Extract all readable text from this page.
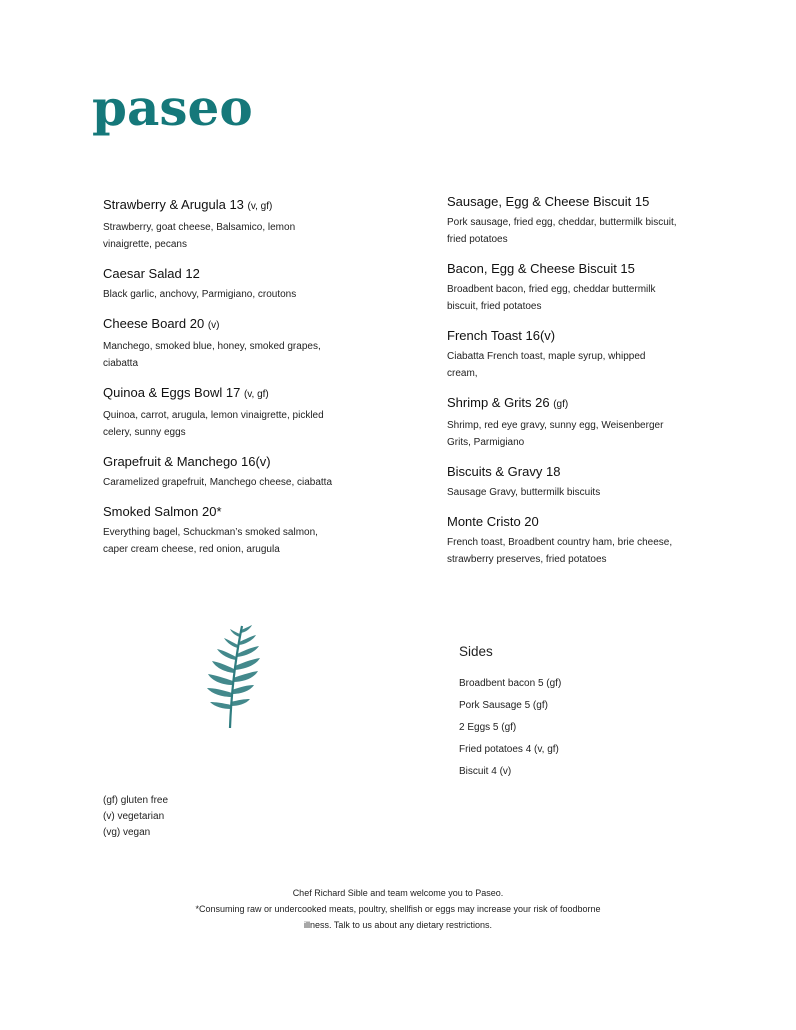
paseo
Strawberry & Arugula 13 (v, gf)
Strawberry, goat cheese, Balsamico, lemon
vinaigrette, pecans
Caesar Salad 12
Black garlic, anchovy, Parmigiano, croutons
Cheese Board 20 (v)
Manchego, smoked blue, honey, smoked grapes,
ciabatta
Quinoa & Eggs Bowl 17 (v, gf)
Quinoa, carrot, arugula, lemon vinaigrette, pickled
celery, sunny eggs
Grapefruit & Manchego 16(v)
Caramelized grapefruit, Manchego cheese, ciabatta
Smoked Salmon 20*
Everything bagel, Schuckman’s smoked salmon,
caper cream cheese, red onion, arugula
Sausage, Egg & Cheese Biscuit 15
Pork sausage, fried egg, cheddar, buttermilk biscuit,
fried potatoes
Bacon, Egg & Cheese Biscuit 15
Broadbent bacon, fried egg, cheddar buttermilk
biscuit, fried potatoes
French Toast 16(v)
Ciabatta French toast, maple syrup, whipped
cream,
Shrimp & Grits 26 (gf)
Shrimp, red eye gravy, sunny egg, Weisenberger
Grits, Parmigiano
Biscuits & Gravy 18
Sausage Gravy, buttermilk biscuits
Monte Cristo 20
French toast, Broadbent country ham, brie cheese,
strawberry preserves, fried potatoes
Sides
Broadbent bacon 5 (gf)
Pork Sausage 5 (gf)
2 Eggs 5 (gf)
Fried potatoes 4 (v, gf)
Biscuit 4 (v)
(gf) gluten free
(v) vegetarian
(vg) vegan
Chef Richard Sible and team welcome you to Paseo.
*Consuming raw or undercooked meats, poultry, shellfish or eggs may increase your risk of foodborne
illness. Talk to us about any dietary restrictions.
